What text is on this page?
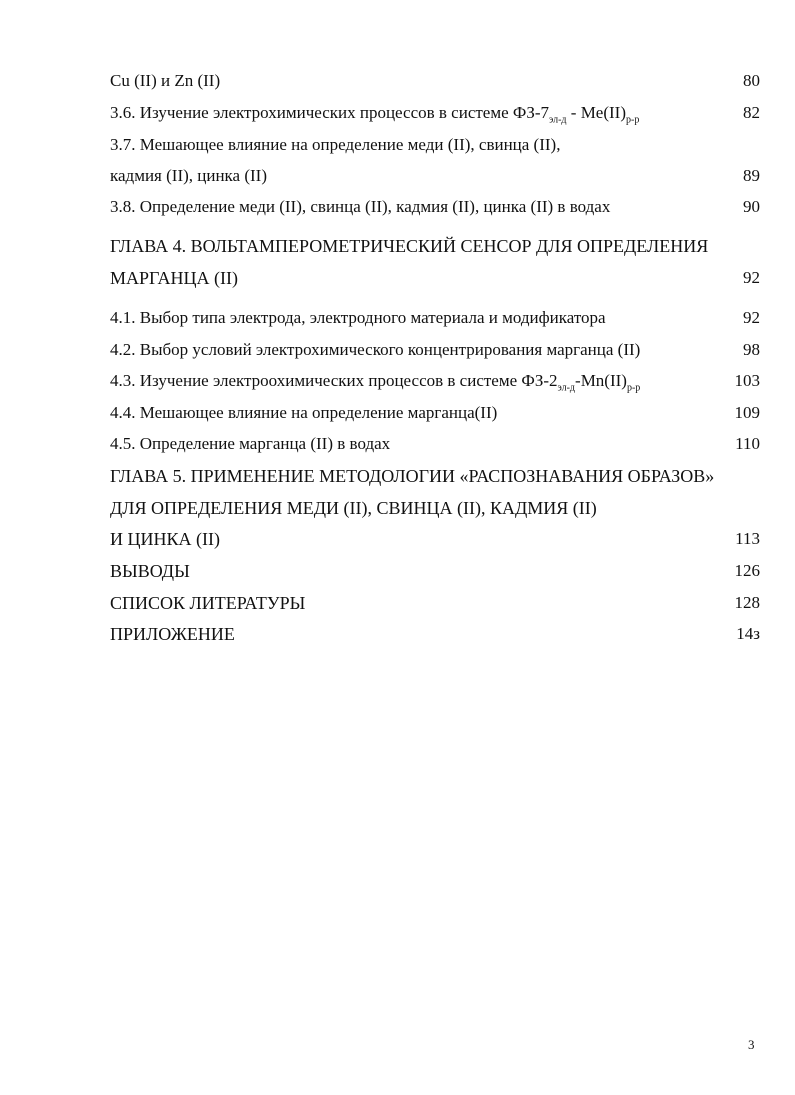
Cu (II) и Zn (II)	80
3.6. Изучение электрохимических процессов в системе $ФЗ-7_{эл-д} - Me(II)_{р-р}$	82
3.7. Мешающее влияние на определение меди (II), свинца (II),
кадмия (II), цинка (II)	89
3.8. Определение меди (II), свинца (II), кадмия (II), цинка (II) в водах	90
ГЛАВА 4. ВОЛЬТАМПЕРОМЕТРИЧЕСКИЙ СЕНСОР ДЛЯ ОПРЕДЕЛЕНИЯ
МАРГАНЦА (II)	92
4.1. Выбор типа электрода, электродного материала и модификатора	92
4.2. Выбор условий электрохимического концентрирования марганца (II)	98
4.3. Изучение электроохимических процессов в системе $ФЗ-2_{эл-д}-Mn(II)_{р-р}$	103
4.4. Мешающее влияние на определение марганца(II)	109
4.5. Определение марганца (II) в водах	110
ГЛАВА 5. ПРИМЕНЕНИЕ МЕТОДОЛОГИИ «РАСПОЗНАВАНИЯ ОБРАЗОВ»
ДЛЯ ОПРЕДЕЛЕНИЯ МЕДИ (II), СВИНЦА (II), КАДМИЯ (II)
И ЦИНКА (II)	113
ВЫВОДЫ	126
СПИСОК ЛИТЕРАТУРЫ	128
ПРИЛОЖЕНИЕ	14з
3
